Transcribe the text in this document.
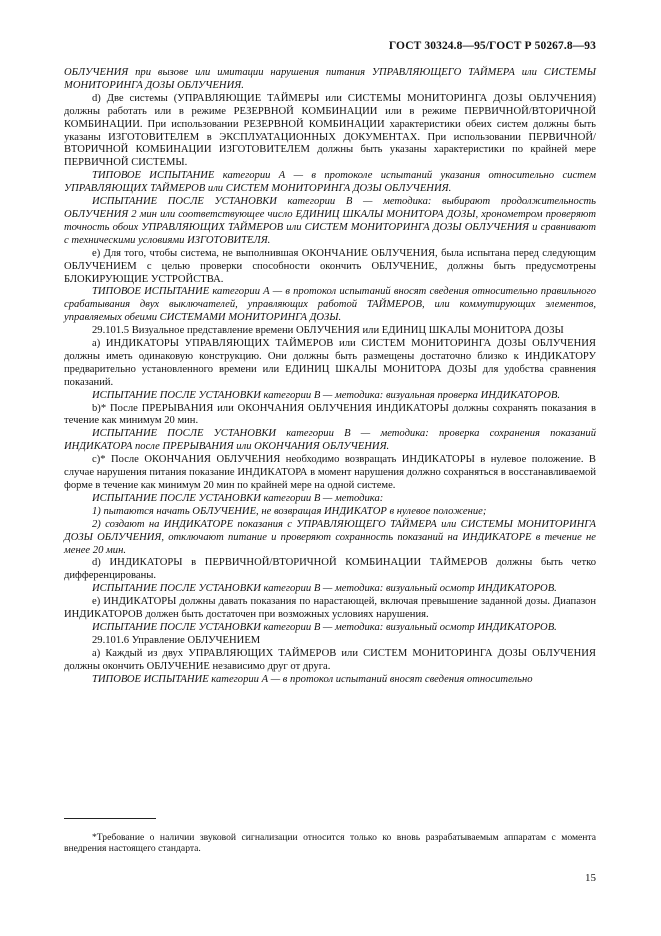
ГОСТ 30324.8—95/ГОСТ Р 50267.8—93

ОБЛУЧЕНИЯ при вызове или имитации нарушения питания УПРАВЛЯЮЩЕГО ТАЙМЕРА или СИСТЕМЫ МОНИТОРИНГА ДОЗЫ ОБЛУЧЕНИЯ.

d) Две системы (УПРАВЛЯЮЩИЕ ТАЙМЕРЫ или СИСТЕМЫ МОНИТОРИНГА ДОЗЫ ОБЛУЧЕНИЯ) должны работать или в режиме РЕЗЕРВНОЙ КОМБИНАЦИИ или в режиме ПЕРВИЧНОЙ/ВТОРИЧНОЙ КОМБИНАЦИИ. При использовании РЕЗЕРВНОЙ КОМБИНАЦИИ характеристики обеих систем должны быть указаны ИЗГОТОВИТЕЛЕМ в ЭКСПЛУАТАЦИОННЫХ ДОКУМЕНТАХ. При использовании ПЕРВИЧНОЙ/ВТОРИЧНОЙ КОМБИНАЦИИ ИЗГОТОВИТЕЛЕМ должны быть указаны характеристики по крайней мере ПЕРВИЧНОЙ СИСТЕМЫ.

ТИПОВОЕ ИСПЫТАНИЕ категории А — в протоколе испытаний указания относительно систем УПРАВЛЯЮЩИХ ТАЙМЕРОВ или СИСТЕМ МОНИТОРИНГА ДОЗЫ ОБЛУЧЕНИЯ.

ИСПЫТАНИЕ ПОСЛЕ УСТАНОВКИ категории В — методика: выбирают продолжительность ОБЛУЧЕНИЯ 2 мин или соответствующее число ЕДИНИЦ ШКАЛЫ МОНИТОРА ДОЗЫ, хронометром проверяют точность обоих УПРАВЛЯЮЩИХ ТАЙМЕРОВ или СИСТЕМ МОНИТОРИНГА ДОЗЫ ОБЛУЧЕНИЯ и сравнивают с техническими условиями ИЗГОТОВИТЕЛЯ.

e) Для того, чтобы система, не выполнившая ОКОНЧАНИЕ ОБЛУЧЕНИЯ, была испытана перед следующим ОБЛУЧЕНИЕМ с целью проверки способности окончить ОБЛУЧЕНИЕ, должны быть предусмотрены БЛОКИРУЮЩИЕ УСТРОЙСТВА.

ТИПОВОЕ ИСПЫТАНИЕ категории А — в протокол испытаний вносят сведения относительно правильного срабатывания двух выключателей, управляющих работой ТАЙМЕРОВ, или коммутирующих элементов, управляемых обеими СИСТЕМАМИ МОНИТОРИНГА ДОЗЫ.

29.101.5 Визуальное представление времени ОБЛУЧЕНИЯ или ЕДИНИЦ ШКАЛЫ МОНИТОРА ДОЗЫ

a) ИНДИКАТОРЫ УПРАВЛЯЮЩИХ ТАЙМЕРОВ или СИСТЕМ МОНИТОРИНГА ДОЗЫ ОБЛУЧЕНИЯ должны иметь одинаковую конструкцию. Они должны быть размещены достаточно близко к ИНДИКАТОРУ предварительно установленного времени или ЕДИНИЦ ШКАЛЫ МОНИТОРА ДОЗЫ для удобства сравнения показаний.

ИСПЫТАНИЕ ПОСЛЕ УСТАНОВКИ категории В — методика: визуальная проверка ИНДИКАТОРОВ.

b)* После ПРЕРЫВАНИЯ или ОКОНЧАНИЯ ОБЛУЧЕНИЯ ИНДИКАТОРЫ должны сохранять показания в течение как минимум 20 мин.

ИСПЫТАНИЕ ПОСЛЕ УСТАНОВКИ категории В — методика: проверка сохранения показаний ИНДИКАТОРА после ПРЕРЫВАНИЯ или ОКОНЧАНИЯ ОБЛУЧЕНИЯ.

c)* После ОКОНЧАНИЯ ОБЛУЧЕНИЯ необходимо возвращать ИНДИКАТОРЫ в нулевое положение. В случае нарушения питания показание ИНДИКАТОРА в момент нарушения должно сохраняться в восстанавливаемой форме в течение как минимум 20 мин по крайней мере на одной системе.

ИСПЫТАНИЕ ПОСЛЕ УСТАНОВКИ категории В — методика:

1) пытаются начать ОБЛУЧЕНИЕ, не возвращая ИНДИКАТОР в нулевое положение;

2) создают на ИНДИКАТОРЕ показания с УПРАВЛЯЮЩЕГО ТАЙМЕРА или СИСТЕМЫ МОНИТОРИНГА ДОЗЫ ОБЛУЧЕНИЯ, отключают питание и проверяют сохранность показаний на ИНДИКАТОРЕ в течение не менее 20 мин.

d) ИНДИКАТОРЫ в ПЕРВИЧНОЙ/ВТОРИЧНОЙ КОМБИНАЦИИ ТАЙМЕРОВ должны быть четко дифференцированы.

ИСПЫТАНИЕ ПОСЛЕ УСТАНОВКИ категории В — методика: визуальный осмотр ИНДИКАТОРОВ.

e) ИНДИКАТОРЫ должны давать показания по нарастающей, включая превышение заданной дозы. Диапазон ИНДИКАТОРОВ должен быть достаточен при возможных условиях нарушения.

ИСПЫТАНИЕ ПОСЛЕ УСТАНОВКИ категории В — методика: визуальный осмотр ИНДИКАТОРОВ.

29.101.6 Управление ОБЛУЧЕНИЕМ

a) Каждый из двух УПРАВЛЯЮЩИХ ТАЙМЕРОВ или СИСТЕМ МОНИТОРИНГА ДОЗЫ ОБЛУЧЕНИЯ должны окончить ОБЛУЧЕНИЕ независимо друг от друга.

ТИПОВОЕ ИСПЫТАНИЕ категории А — в протокол испытаний вносят сведения относительно

*Требование о наличии звуковой сигнализации относится только ко вновь разрабатываемым аппаратам с момента внедрения настоящего стандарта.

15
